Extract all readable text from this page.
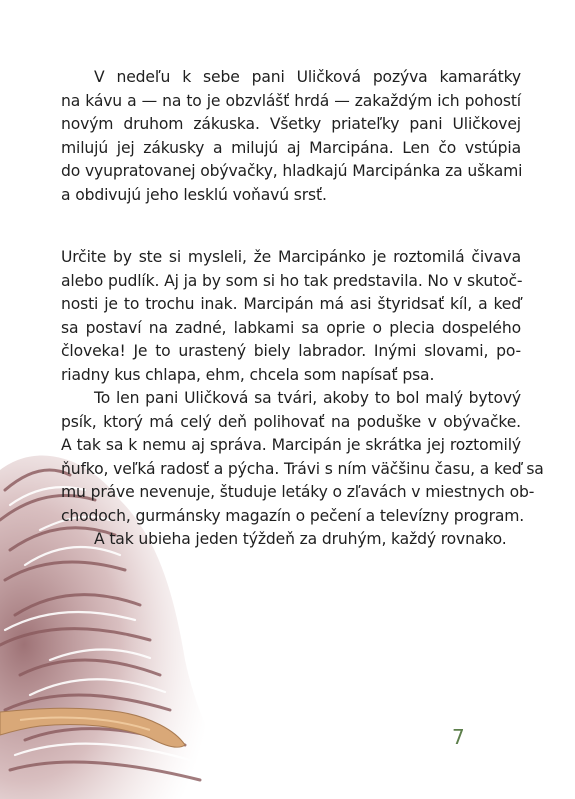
V nedeľu k sebe pani Uličková pozýva kamarátky
na kávu a — na to je obzvlášť hrdá — zakaždým ich pohostí
novým druhom zákuska. Všetky priateľky pani Uličkovej
milujú jej zákusky a milujú aj Marcipána. Len čo vstúpia
do vyupratovanej obývačky, hladkajú Marcipánka za uškami
a obdivujú jeho lesklú voňavú srsť.
Určite by ste si mysleli, že Marcipánko je roztomilá čivava
alebo pudlík. Aj ja by som si ho tak predstavila. No v skutoč-
nosti je to trochu inak. Marcipán má asi štyridsať kíl, a keď
sa postaví na zadné, labkami sa oprie o plecia dospelého
človeka! Je to urastený biely labrador. Inými slovami, po-
riadny kus chlapa, ehm, chcela som napísať psa.
To len pani Uličková sa tvári, akoby to bol malý bytový
psík, ktorý má celý deň polihovať na poduške v obývačke.
A tak sa k nemu aj správa. Marcipán je skrátka jej roztomilý
ňufko, veľká radosť a pýcha. Trávi s ním väčšinu času, a keď sa
mu práve nevenuje, študuje letáky o zľavách v miestnych ob-
chodoch, gurmánsky magazín o pečení a televízny program.
A tak ubieha jeden týždeň za druhým, každý rovnako.
7
